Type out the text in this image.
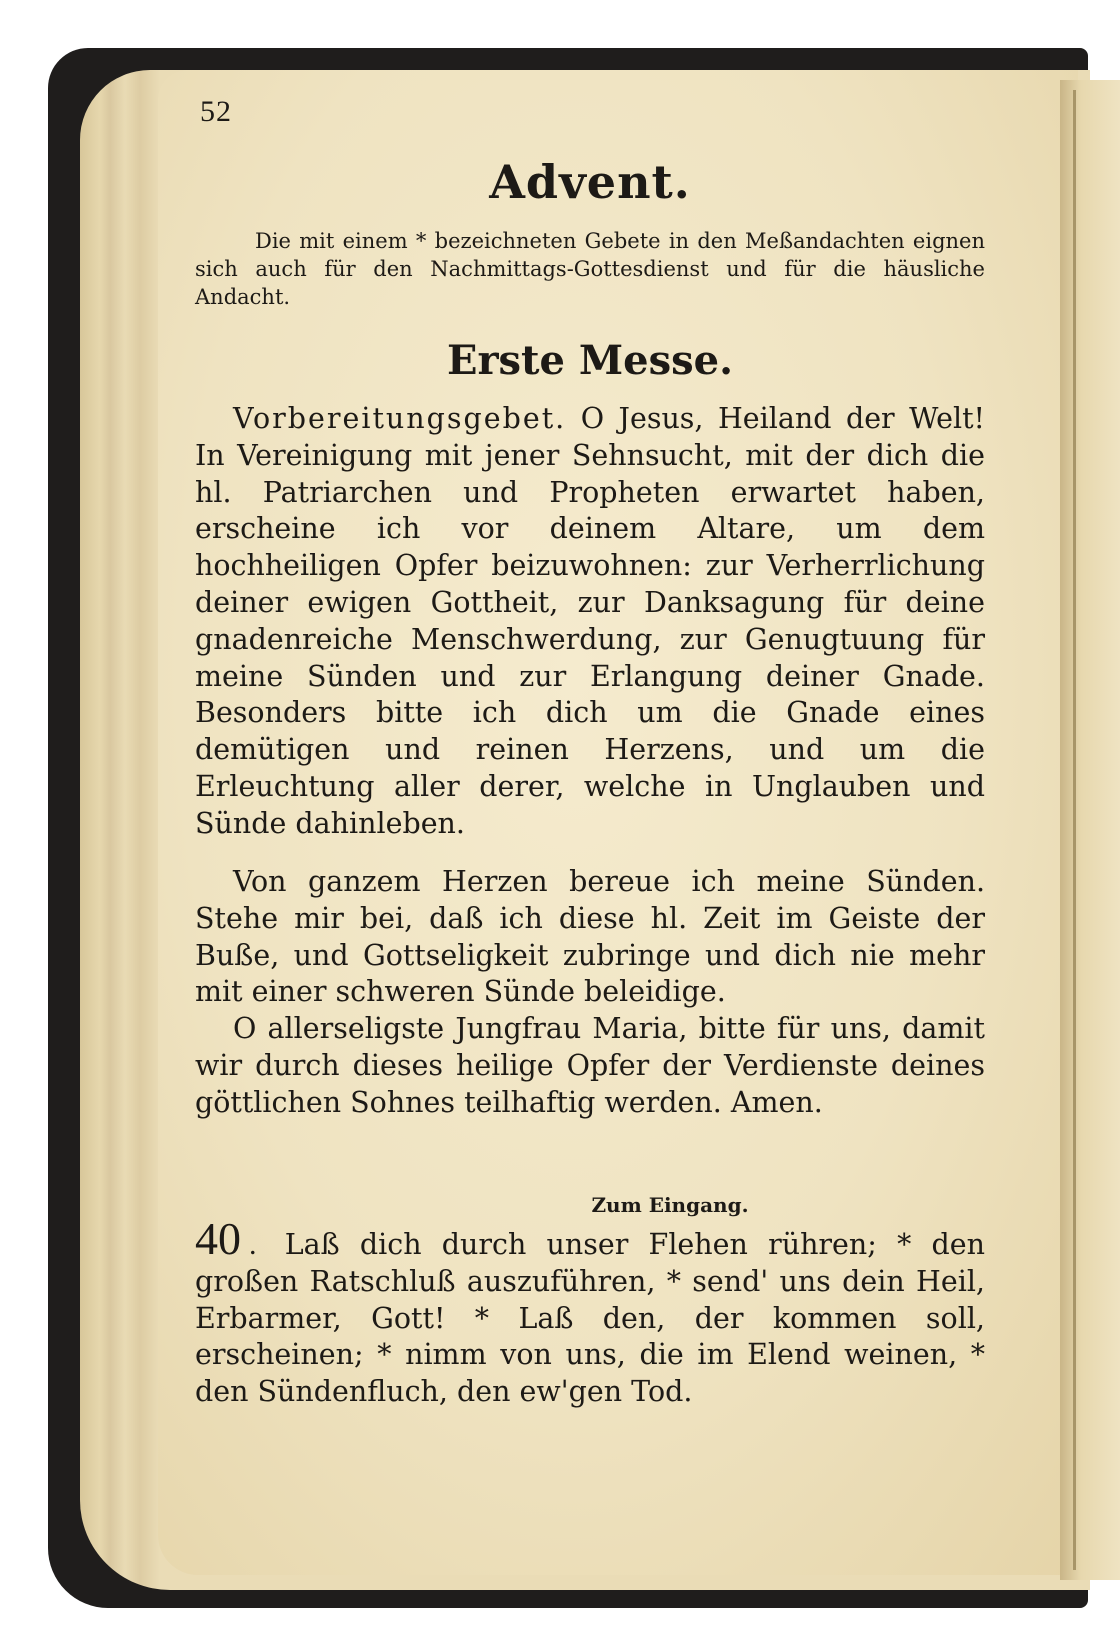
52
Advent.
Die mit einem * bezeichneten Gebete in den Meßandachten eignen sich auch für den Nachmittags-Gottesdienst und für die häusliche Andacht.
Erste Messe.
Vorbereitungsgebet. O Jesus, Heiland der Welt! In Vereinigung mit jener Sehnsucht, mit der dich die hl. Patriarchen und Propheten erwartet haben, erscheine ich vor deinem Altare, um dem hochheiligen Opfer beizuwohnen: zur Verherrlichung deiner ewigen Gottheit, zur Danksagung für deine gnadenreiche Menschwerdung, zur Genugtuung für meine Sünden und zur Erlangung deiner Gnade. Besonders bitte ich dich um die Gnade eines demütigen und reinen Herzens, und um die Erleuchtung aller derer, welche in Unglauben und Sünde dahinleben.
Von ganzem Herzen bereue ich meine Sünden. Stehe mir bei, daß ich diese hl. Zeit im Geiste der Buße, und Gottseligkeit zubringe und dich nie mehr mit einer schweren Sünde beleidige.
O allerseligste Jungfrau Maria, bitte für uns, damit wir durch dieses heilige Opfer der Verdienste deines göttlichen Sohnes teilhaftig werden. Amen.
Zum Eingang.
40 . Laß dich durch unser Flehen rühren; * den großen Ratschluß auszuführen, * send' uns dein Heil, Erbarmer, Gott! * Laß den, der kommen soll, erscheinen; * nimm von uns, die im Elend weinen, * den Sündenfluch, den ew'gen Tod.
